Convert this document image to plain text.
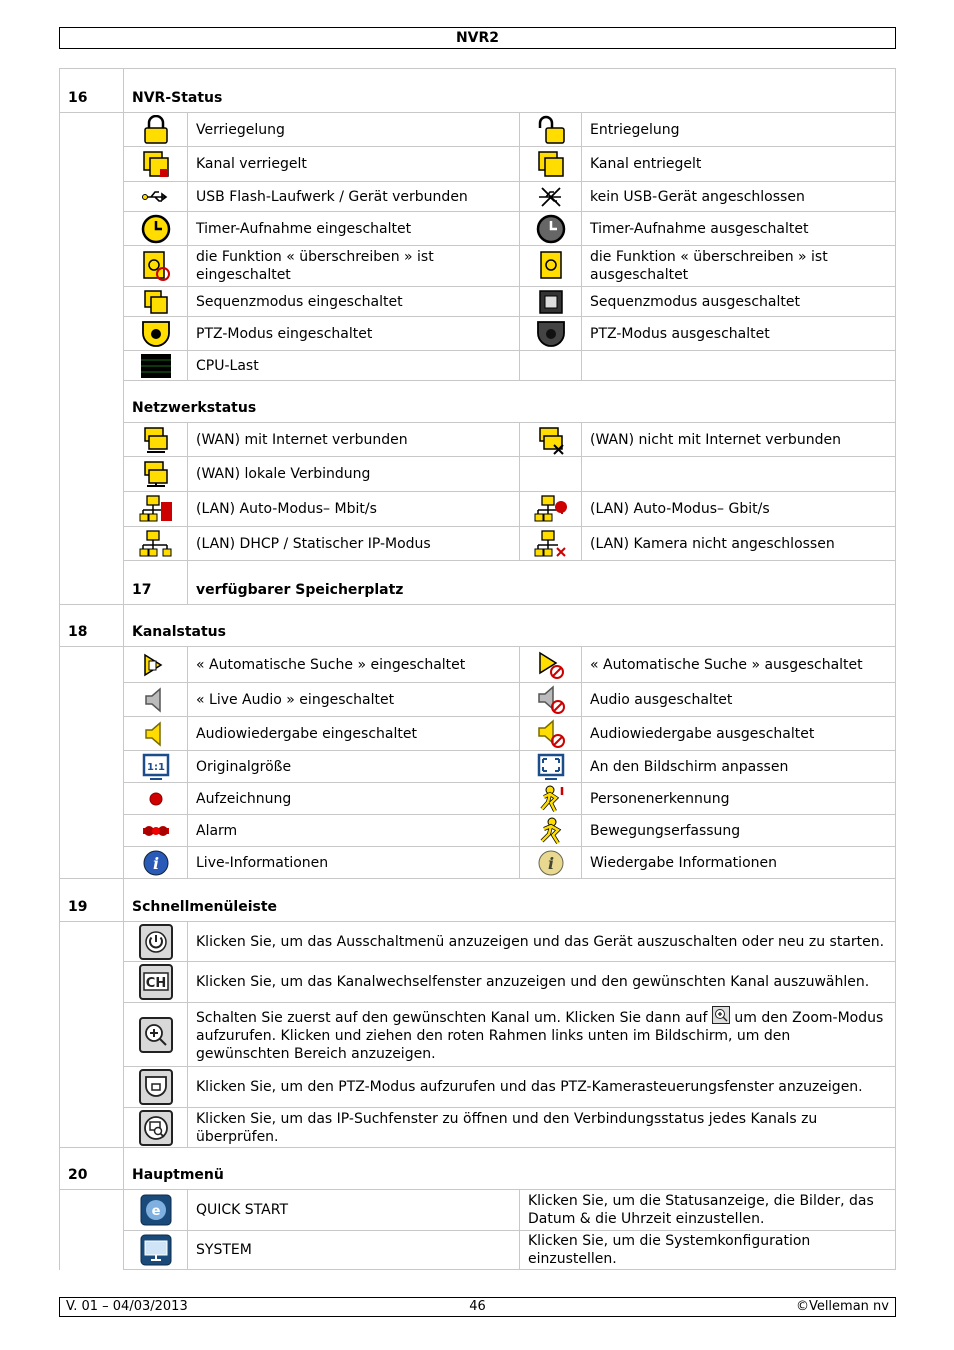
NVR2
16	NVR-Status			
		Verriegelung		Entriegelung
	Kanal verriegelt		Kanal entriegelt
	USB Flash-Laufwerk / Gerät verbunden		kein USB-Gerät angeschlossen
	Timer-Aufnahme eingeschaltet		Timer-Aufnahme ausgeschaltet
	die Funktion « überschreiben » ist eingeschaltet		die Funktion « überschreiben » ist ausgeschaltet
	Sequenzmodus eingeschaltet		Sequenzmodus ausgeschaltet
	PTZ-Modus eingeschaltet		PTZ-Modus ausgeschaltet
	CPU-Last		
	Netzwerkstatus			
	(WAN) mit Internet verbunden		(WAN) nicht mit Internet verbunden
	(WAN) lokale Verbindung		
	(LAN) Auto-Modus– Mbit/s		(LAN) Auto-Modus– Gbit/s
	(LAN) DHCP / Statischer IP-Modus		(LAN) Kamera nicht angeschlossen
	17	verfügbarer Speicherplatz		
18	Kanalstatus			
		« Automatische Suche » eingeschaltet		« Automatische Suche » ausgeschaltet
	« Live Audio » eingeschaltet		Audio ausgeschaltet
	Audiowiedergabe eingeschaltet		Audiowiedergabe ausgeschaltet

1:1	Originalgröße		An den Bildschirm anpassen
	Aufzeichnung		Personenerkennung
	Alarm		Bewegungserfassung

i	Live-Informationen	i	Wiedergabe Informationen
19	Schnellmenüleiste			
		Klicken Sie, um das Ausschaltmenü anzuzeigen und das Gerät auszuschalten oder neu zu starten.		

CH	Klicken Sie, um das Kanalwechselfenster anzuzeigen und den gewünschten Kanal auszuwählen.		
	Schalten Sie zuerst auf den gewünschten Kanal um. Klicken Sie dann auf  um den Zoom-Modus aufzurufen. Klicken und ziehen den roten Rahmen links unten im Bildschirm, um den gewünschten Bereich anzuzeigen.		
	Klicken Sie, um den PTZ-Modus aufzurufen und das PTZ-Kamerasteuerungsfenster anzuzeigen.		
	Klicken Sie, um das IP-Suchfenster zu öffnen und den Verbindungsstatus jedes Kanals zu überprüfen.		
20	Hauptmenü			

e	QUICK START	Klicken Sie, um die Statusanzeige, die Bilder, das Datum & die Uhrzeit einzustellen.	
	SYSTEM	Klicken Sie, um die Systemkonfiguration einzustellen.	
V. 01 – 04/03/2013	46	©Velleman nv
